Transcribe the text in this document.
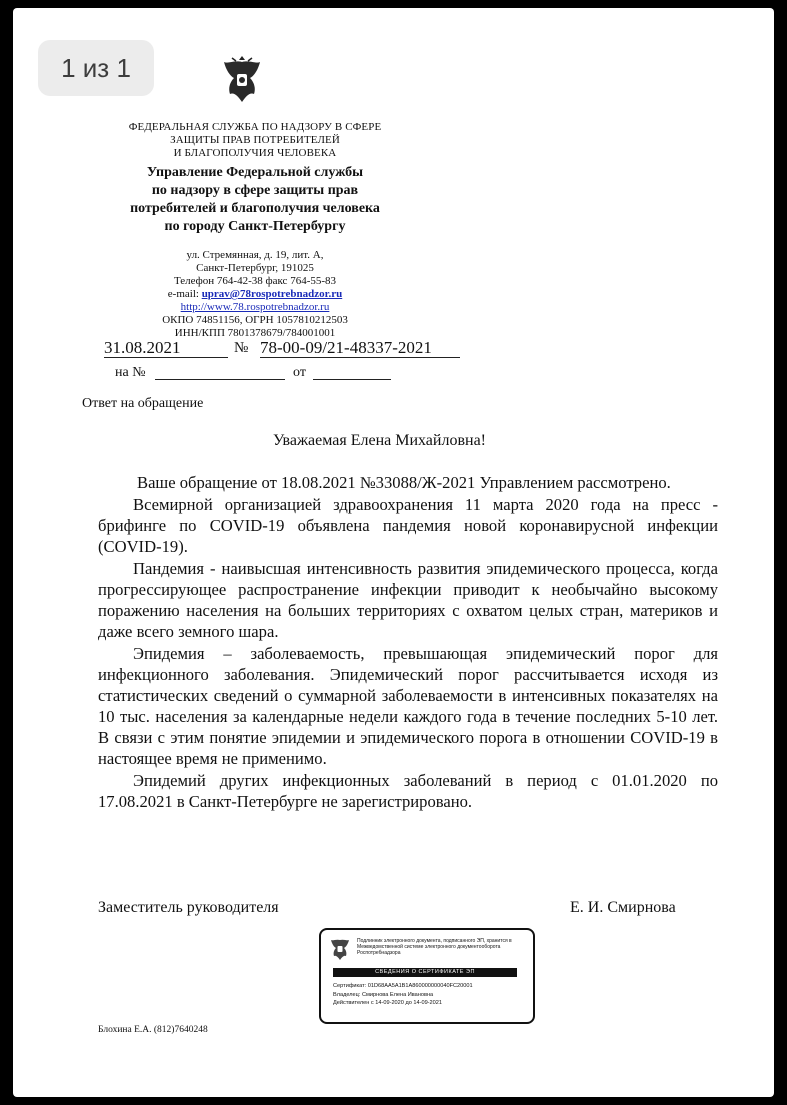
1 из 1
ФЕДЕРАЛЬНАЯ СЛУЖБА ПО НАДЗОРУ В СФЕРЕ
ЗАЩИТЫ ПРАВ ПОТРЕБИТЕЛЕЙ
И БЛАГОПОЛУЧИЯ ЧЕЛОВЕКА
Управление Федеральной службы
по надзору в сфере защиты прав
потребителей и благополучия человека
по городу Санкт-Петербургу
ул. Стремянная, д. 19, лит. А,
Санкт-Петербург, 191025
Телефон 764-42-38 факс 764-55-83
e-mail: uprav@78rospotrebnadzor.ru
http://www.78.rospotrebnadzor.ru
ОКПО 74851156, ОГРН 1057810212503
ИНН/КПП 7801378679/784001001
31.08.2021	№ 78-00-09/21-48337-2021
на №	от
Ответ на обращение
Уважаемая Елена Михайловна!

Ваше обращение от 18.08.2021 №33088/Ж-2021 Управлением рассмотрено.

Всемирной организацией здравоохранения 11 марта 2020 года на пресс - брифинге по COVID-19 объявлена пандемия новой коронавирусной инфекции (COVID-19).

Пандемия - наивысшая интенсивность развития эпидемического процесса, когда прогрессирующее распространение инфекции приводит к необычайно высокому поражению населения на больших территориях с охватом целых стран, материков и даже всего земного шара.

Эпидемия – заболеваемость, превышающая эпидемический порог для инфекционного заболевания. Эпидемический порог рассчитывается исходя из статистических сведений о суммарной заболеваемости в интенсивных показателях на 10 тыс. населения за календарные недели каждого года в течение последних 5-10 лет. В связи с этим понятие эпидемии и эпидемического порога в отношении COVID-19 в настоящее время не применимо.

Эпидемий других инфекционных заболеваний в период с 01.01.2020 по 17.08.2021 в Санкт-Петербурге не зарегистрировано.

Заместитель руководителя	Е. И. Смирнова
Подлинник электронного документа, подписанного ЭП, хранится в Межведомственной системе электронного документооборота Роспотребнадзора
СВЕДЕНИЯ О СЕРТИФИКАТЕ ЭП
Сертификат: 01D68AA5A1B1A860000000040FC20001
Владелец: Смирнова Елена Ивановна
Действителен с 14-09-2020 до 14-09-2021
Блохина Е.А. (812)7640248
